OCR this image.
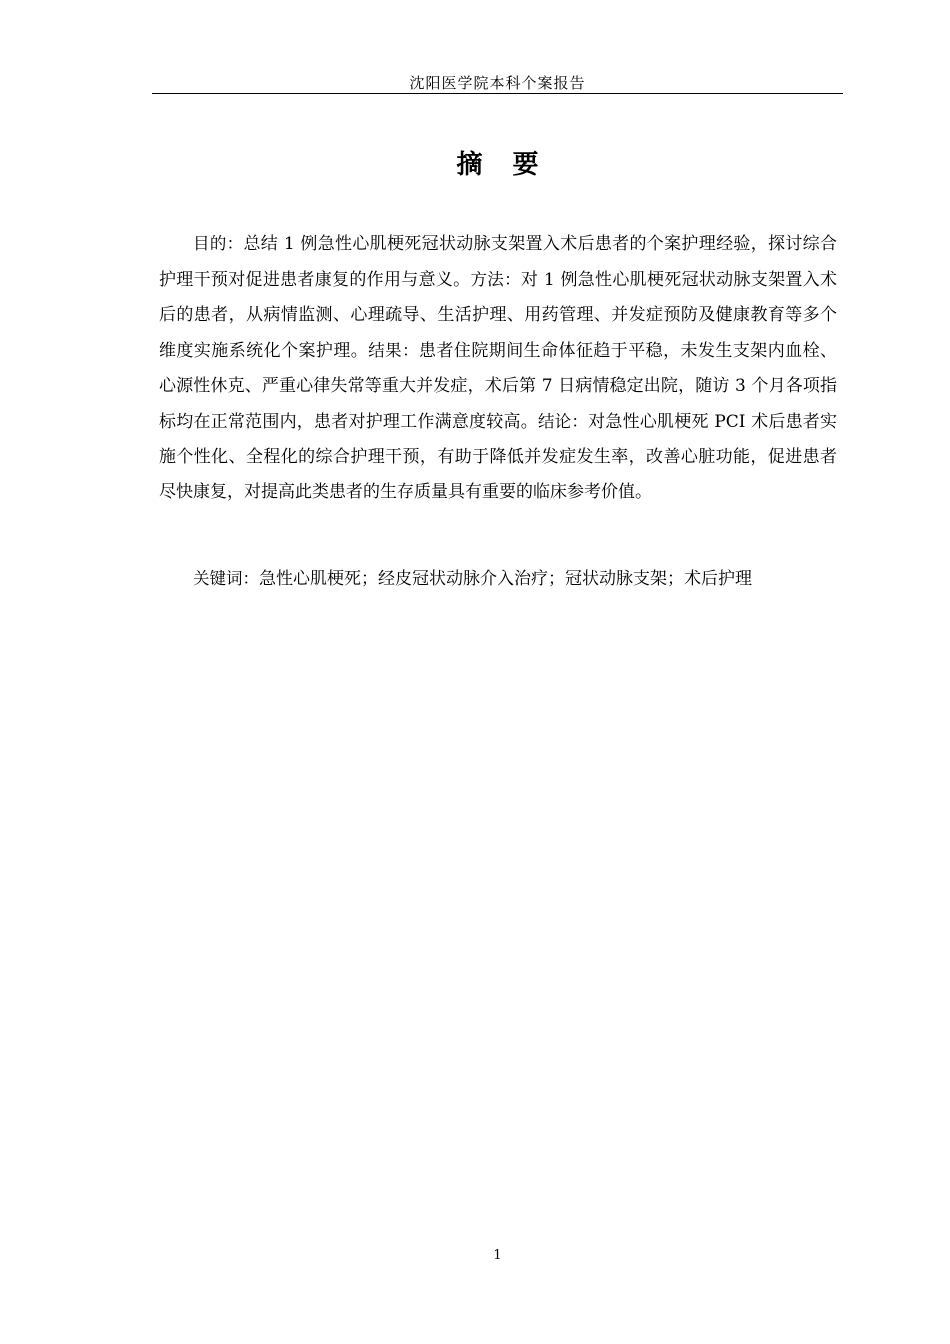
沈阳医学院本科个案报告
摘要

目的：总结 1 例急性心肌梗死冠状动脉支架置入术后患者的个案护理经验，探讨综合护理干预对促进患者康复的作用与意义。方法：对 1 例急性心肌梗死冠状动脉支架置入术后的患者，从病情监测、心理疏导、生活护理、用药管理、并发症预防及健康教育等多个维度实施系统化个案护理。结果：患者住院期间生命体征趋于平稳，未发生支架内血栓、心源性休克、严重心律失常等重大并发症，术后第 7 日病情稳定出院，随访 3 个月各项指标均在正常范围内，患者对护理工作满意度较高。结论：对急性心肌梗死 PCI 术后患者实施个性化、全程化的综合护理干预，有助于降低并发症发生率，改善心脏功能，促进患者尽快康复，对提高此类患者的生存质量具有重要的临床参考价值。

关键词：急性心肌梗死；经皮冠状动脉介入治疗；冠状动脉支架；术后护理

1
